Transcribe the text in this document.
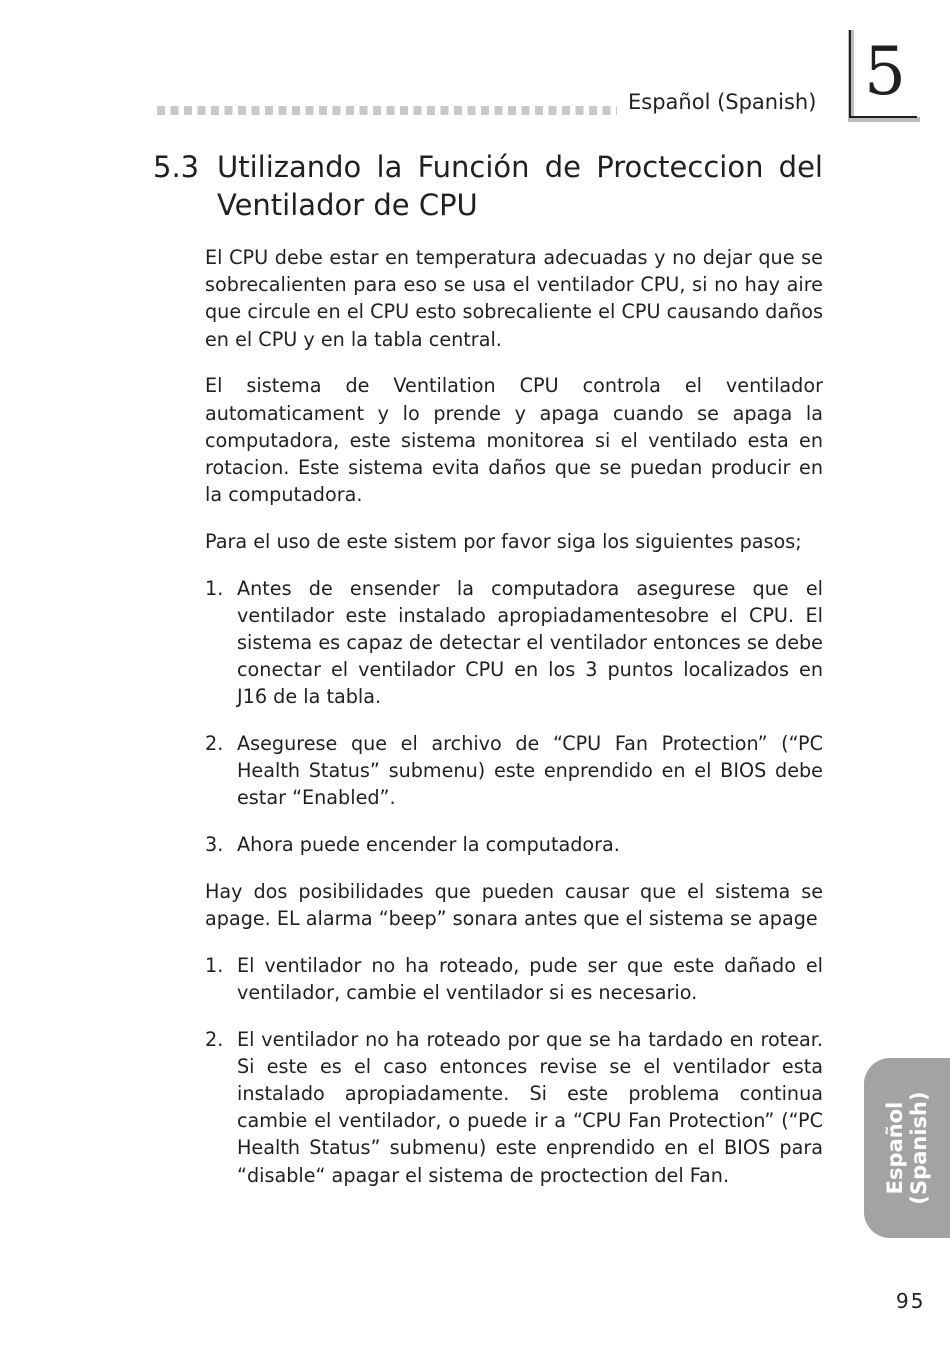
Español (Spanish) 5
5.3 Utilizando la Función de Procteccion del
Ventilador de CPU

El CPU debe estar en temperatura adecuadas y no dejar que se sobrecalienten para eso se usa el ventilador CPU, si no hay aire que circule en el CPU esto sobrecaliente el CPU causando daños en el CPU y en la tabla central.

El sistema de Ventilation CPU controla el ventilador automaticament y lo prende y apaga cuando se apaga la computadora, este sistema monitorea si el ventilado esta en rotacion. Este sistema evita daños que se puedan producir en la computadora.

Para el uso de este sistem por favor siga los siguientes pasos;

1. Antes de ensender la computadora asegurese que el ventilador este instalado apropiadamentesobre el CPU. El sistema es capaz de detectar el ventilador entonces se debe conectar el ventilador CPU en los 3 puntos localizados en J16 de la tabla.
2. Asegurese que el archivo de “CPU Fan Protection” (“PC Health Status” submenu) este enprendido en el BIOS debe estar “Enabled”.
3. Ahora puede encender la computadora.

Hay dos posibilidades que pueden causar que el sistema se apage. EL alarma “beep” sonara antes que el sistema se apage

1. El ventilador no ha roteado, pude ser que este dañado el ventilador, cambie el ventilador si es necesario.
2. El ventilador no ha roteado por que se ha tardado en rotear. Si este es el caso entonces revise se el ventilador esta instalado apropiadamente. Si este problema continua cambie el ventilador, o puede ir a “CPU Fan Protection” (“PC Health Status” submenu) este enprendido en el BIOS para “disable“ apagar el sistema de proctection del Fan.	Español (Spanish)
95
